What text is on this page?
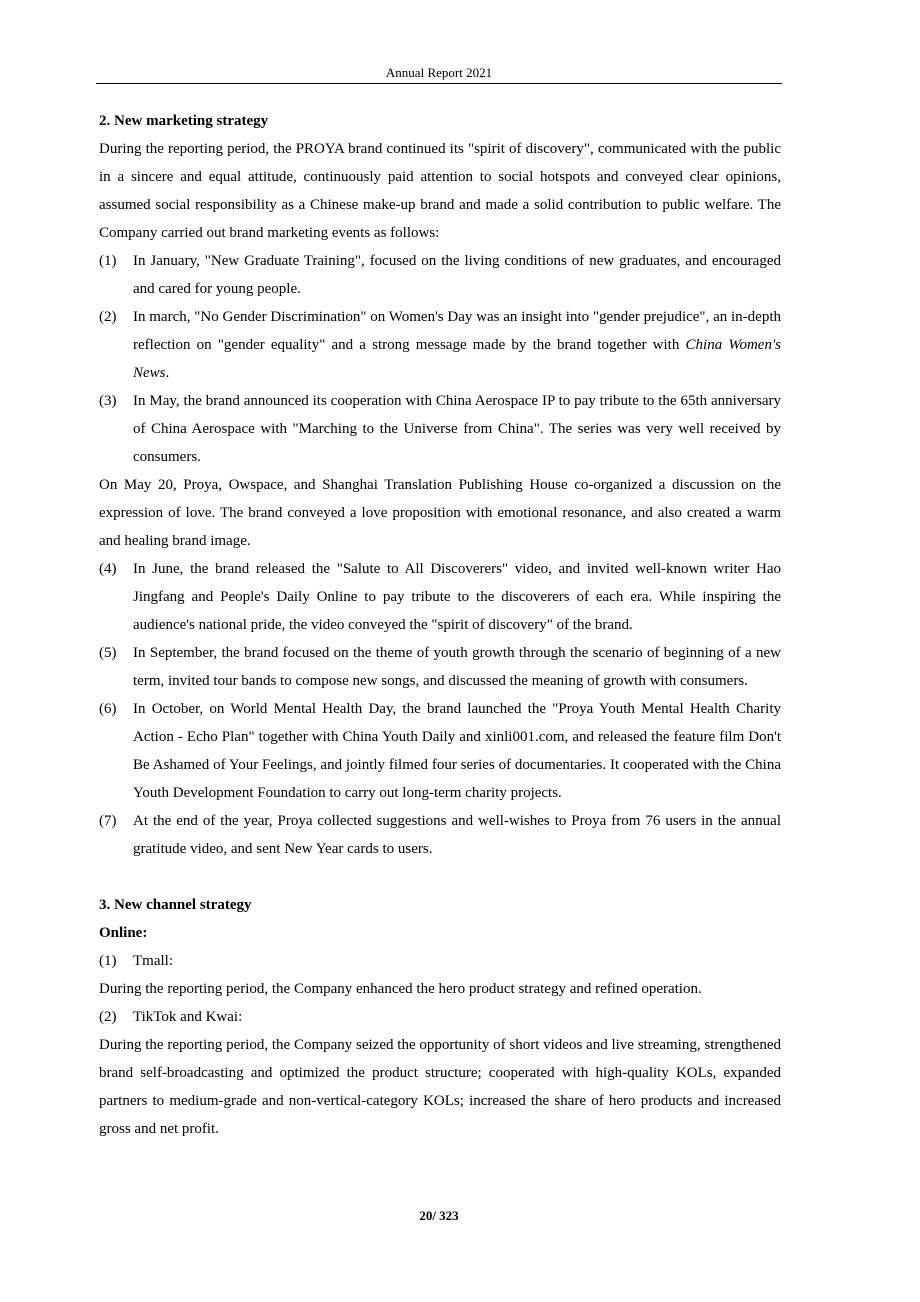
Annual Report 2021

2. New marketing strategy

During the reporting period, the PROYA brand continued its "spirit of discovery", communicated with the public in a sincere and equal attitude, continuously paid attention to social hotspots and conveyed clear opinions, assumed social responsibility as a Chinese make-up brand and made a solid contribution to public welfare. The Company carried out brand marketing events as follows:

(1)	In January, "New Graduate Training", focused on the living conditions of new graduates, and encouraged and cared for young people.
(2)	In march, "No Gender Discrimination" on Women's Day was an insight into "gender prejudice", an in-depth reflection on "gender equality" and a strong message made by the brand together with China Women's News.
(3)	In May, the brand announced its cooperation with China Aerospace IP to pay tribute to the 65th anniversary of China Aerospace with "Marching to the Universe from China". The series was very well received by consumers.

On May 20, Proya, Owspace, and Shanghai Translation Publishing House co-organized a discussion on the expression of love. The brand conveyed a love proposition with emotional resonance, and also created a warm and healing brand image.

(4)	In June, the brand released the "Salute to All Discoverers" video, and invited well-known writer Hao Jingfang and People's Daily Online to pay tribute to the discoverers of each era. While inspiring the audience's national pride, the video conveyed the "spirit of discovery" of the brand.
(5)	In September, the brand focused on the theme of youth growth through the scenario of beginning of a new term, invited tour bands to compose new songs, and discussed the meaning of growth with consumers.
(6)	In October, on World Mental Health Day, the brand launched the "Proya Youth Mental Health Charity Action - Echo Plan" together with China Youth Daily and xinli001.com, and released the feature film Don't Be Ashamed of Your Feelings, and jointly filmed four series of documentaries. It cooperated with the China Youth Development Foundation to carry out long-term charity projects.
(7)	At the end of the year, Proya collected suggestions and well-wishes to Proya from 76 users in the annual gratitude video, and sent New Year cards to users.

3. New channel strategy

Online:

(1)	Tmall:

During the reporting period, the Company enhanced the hero product strategy and refined operation.

(2)	TikTok and Kwai:

During the reporting period, the Company seized the opportunity of short videos and live streaming, strengthened brand self-broadcasting and optimized the product structure; cooperated with high-quality KOLs, expanded partners to medium-grade and non-vertical-category KOLs; increased the share of hero products and increased gross and net profit.

20/ 323
